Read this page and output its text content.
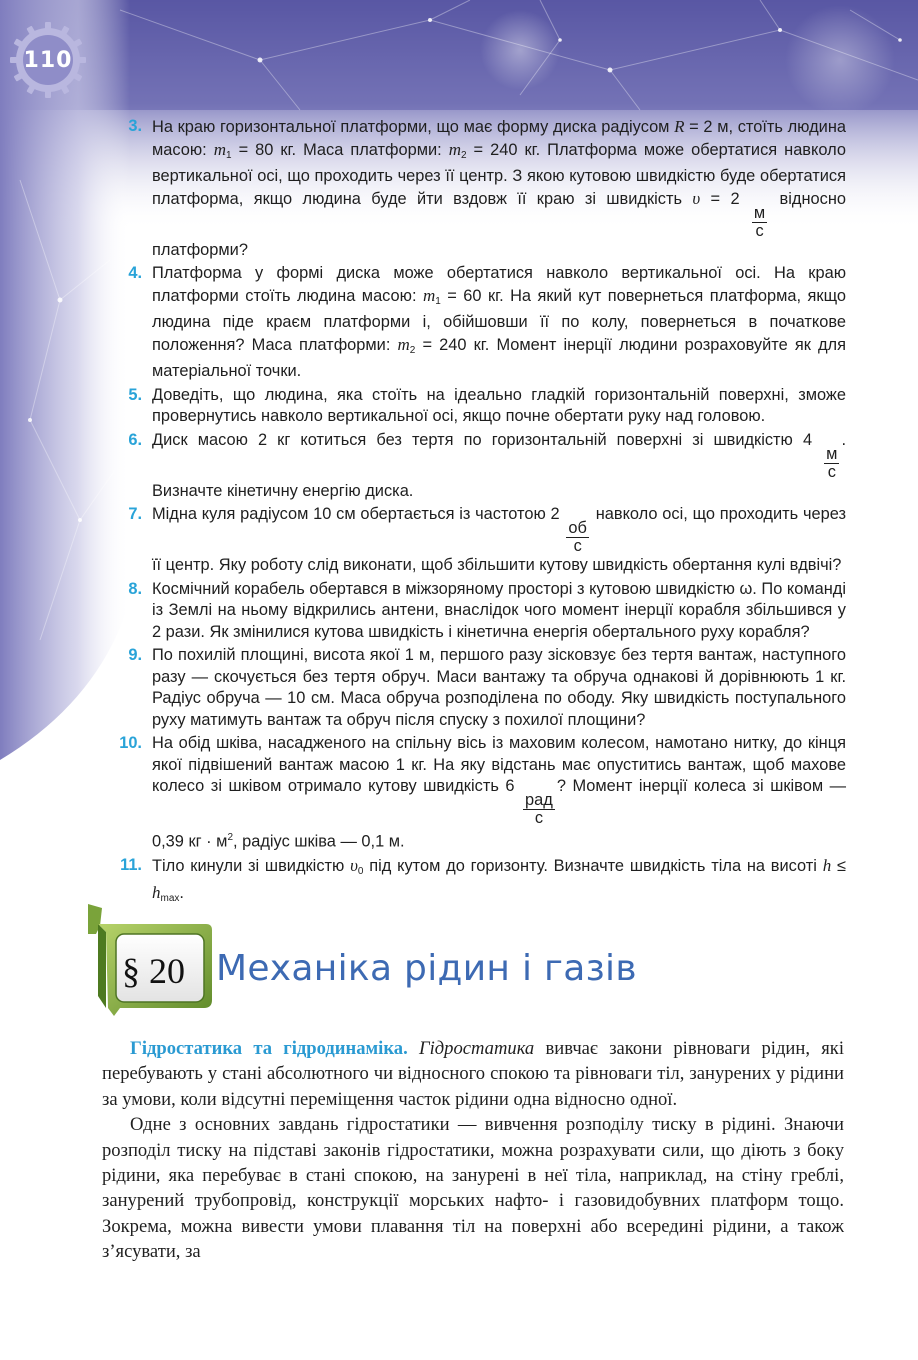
110
3. На краю горизонтальної платформи, що має форму диска радіусом R = 2 м, стоїть людина масою: $m_1 = 80$ кг. Маса платформи: $m_2 = 240$ кг. Платформа може обертатися навколо вертикальної осі, що проходить через її центр. З якою кутовою швидкістю буде обертатися платформа, якщо людина буде йти вздовж її краю зі швидкість υ = 2
$\frac{м}{с}$
відносно платформи?
4. Платформа у формі диска може обертатися навколо вертикальної осі. На краю платформи стоїть людина масою: $m_1 = 60$ кг. На який кут повернеться платформа, якщо людина піде краєм платформи і, обійшовши її по колу, повернеться в початкове положення? Маса платформи: $m_2 = 240$ кг. Момент інерції людини розраховуйте як для матеріальної точки.
5. Доведіть, що людина, яка стоїть на ідеально гладкій горизонтальній поверхні, зможе провернутись навколо вертикальної осі, якщо почне обертати руку над головою.
6. Диск масою 2 кг котиться без тертя по горизонтальній поверхні зі швидкістю 4
$\frac{м}{с}$
. Визначте кінетичну енергію диска.
7. Мідна куля радіусом 10 см обертається із частотою 2
$\frac{об}{с}$
навколо осі, що проходить через її центр. Яку роботу слід виконати, щоб збільшити кутову швидкість обертання кулі вдвічі?
8. Космічний корабель обертався в міжзоряному просторі з кутовою швидкістю ω. По команді із Землі на ньому відкрились антени, внаслідок чого момент інерції корабля збільшився у 2 рази. Як змінилися кутова швидкість і кінетична енергія обертального руху корабля?
9. По похилій площині, висота якої 1 м, першого разу зісковзує без тертя вантаж, наступного разу — скочується без тертя обруч. Маси вантажу та обруча однакові й дорівнюють 1 кг. Радіус обруча — 10 см. Маса обруча розподілена по ободу. Яку швидкість поступального руху матимуть вантаж та обруч після спуску з похилої площини?
10. На обід шківа, насадженого на спільну вісь із маховим колесом, намотано нитку, до кінця якої підвішений вантаж масою 1 кг. На яку відстань має опуститись вантаж, щоб махове колесо зі шківом отримало кутову швидкість 6
$\frac{\text{рад}}{с}$
? Момент інерції колеса зі шківом — 0,39 кг · $м^2$, радіус шківа — 0,1 м.
11. Тіло кинули зі швидкістю $\upsilon_0$ під кутом до горизонту. Визначте швидкість тіла на висоті $h \le h_{max}$.
§ 20 Механіка рідин і газів

Гідростатика та гідродинаміка. Гідростатика вивчає закони рівноваги рідин, які перебувають у стані абсолютного чи відносного спокою та рівноваги тіл, занурених у рідини за умови, коли відсутні переміщення часток рідини одна відносно одної.

Одне з основних завдань гідростатики — вивчення розподілу тиску в рідині. Знаючи розподіл тиску на підставі законів гідростатики, можна розрахувати сили, що діють з боку рідини, яка перебуває в стані спокою, на занурені в неї тіла, наприклад, на стіну греблі, занурений трубопровід, конструкції морських нафто- і газовидобувних платформ тощо. Зокрема, можна вивести умови плавання тіл на поверхні або всередині рідини, а також з’ясувати, за
